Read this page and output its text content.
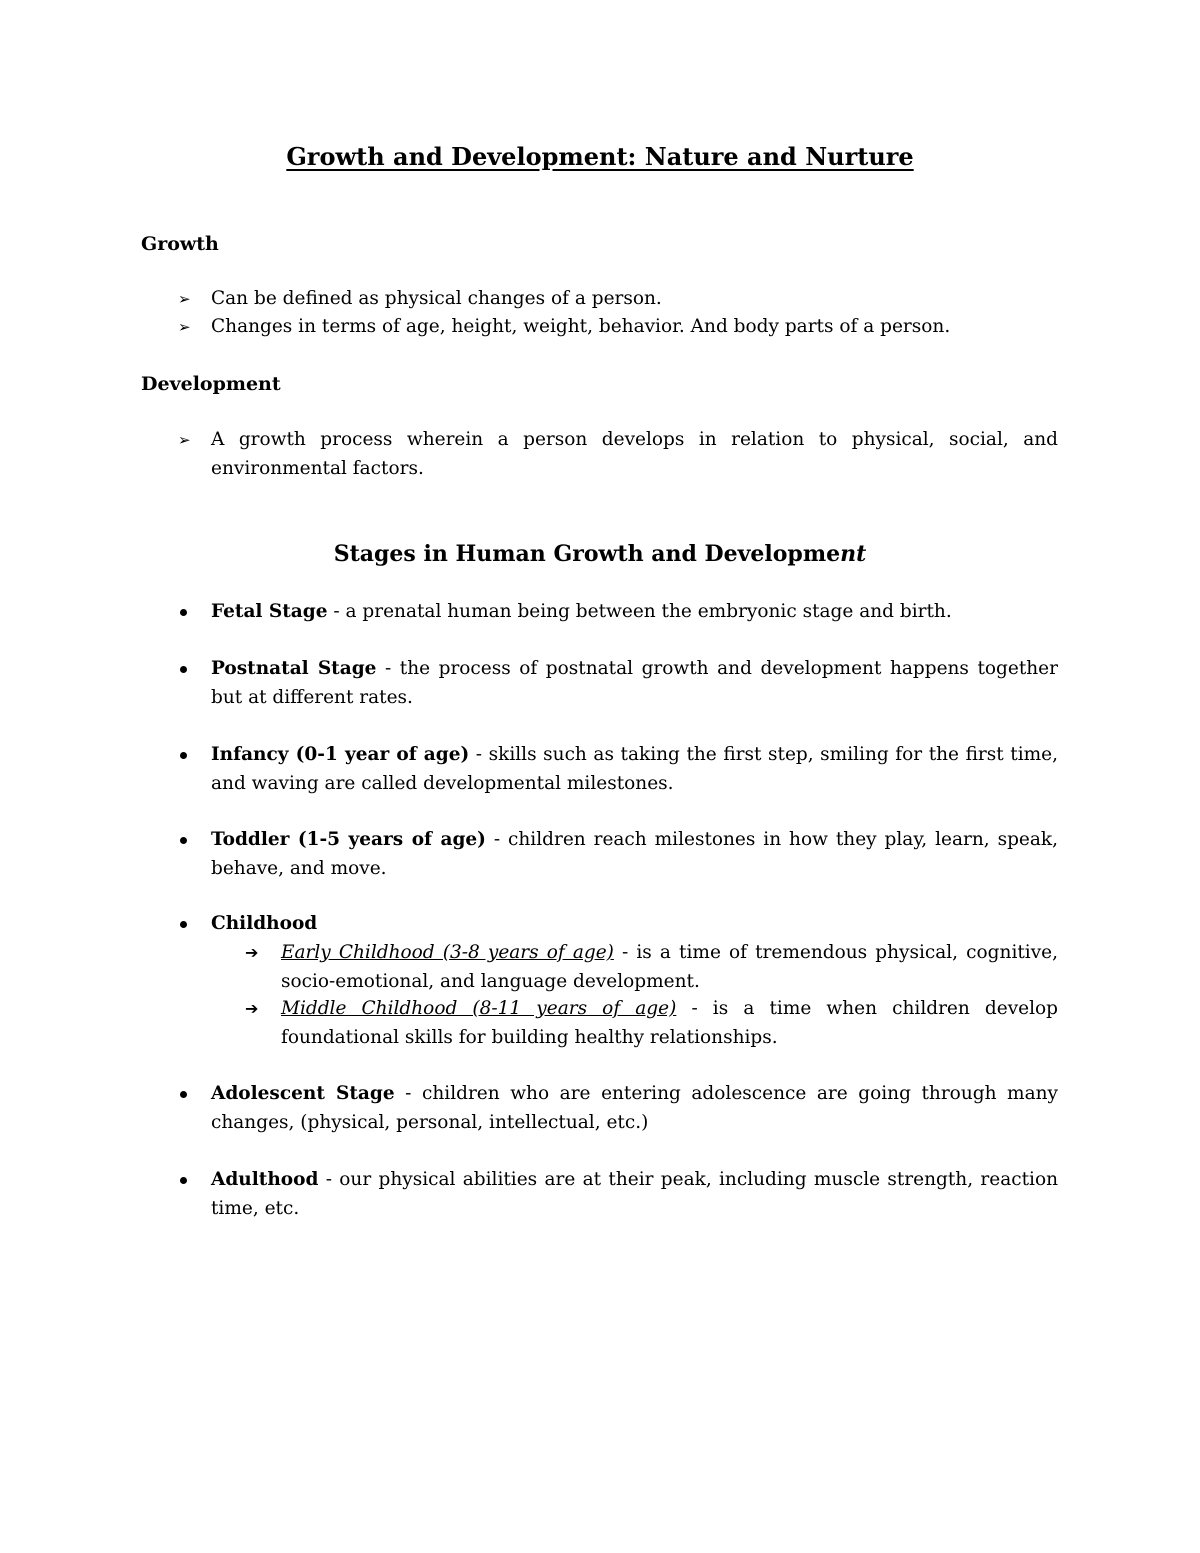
Growth and Development: Nature and Nurture
Growth
➢ Can be defined as physical changes of a person.
➢ Changes in terms of age, height, weight, behavior. And body parts of a person.
Development
➢ A growth process wherein a person develops in relation to physical, social, and environmental factors.
Stages in Human Growth and Development
Fetal Stage - a prenatal human being between the embryonic stage and birth.
Postnatal Stage - the process of postnatal growth and development happens together but at different rates.
Infancy (0-1 year of age) - skills such as taking the first step, smiling for the first time, and waving are called developmental milestones.
Toddler (1-5 years of age) - children reach milestones in how they play, learn, speak, behave, and move.
Childhood
➔ Early Childhood (3-8 years of age) - is a time of tremendous physical, cognitive, socio-emotional, and language development.
➔ Middle Childhood (8-11 years of age) - is a time when children develop foundational skills for building healthy relationships.
Adolescent Stage - children who are entering adolescence are going through many changes, (physical, personal, intellectual, etc.)
Adulthood - our physical abilities are at their peak, including muscle strength, reaction time, etc.
